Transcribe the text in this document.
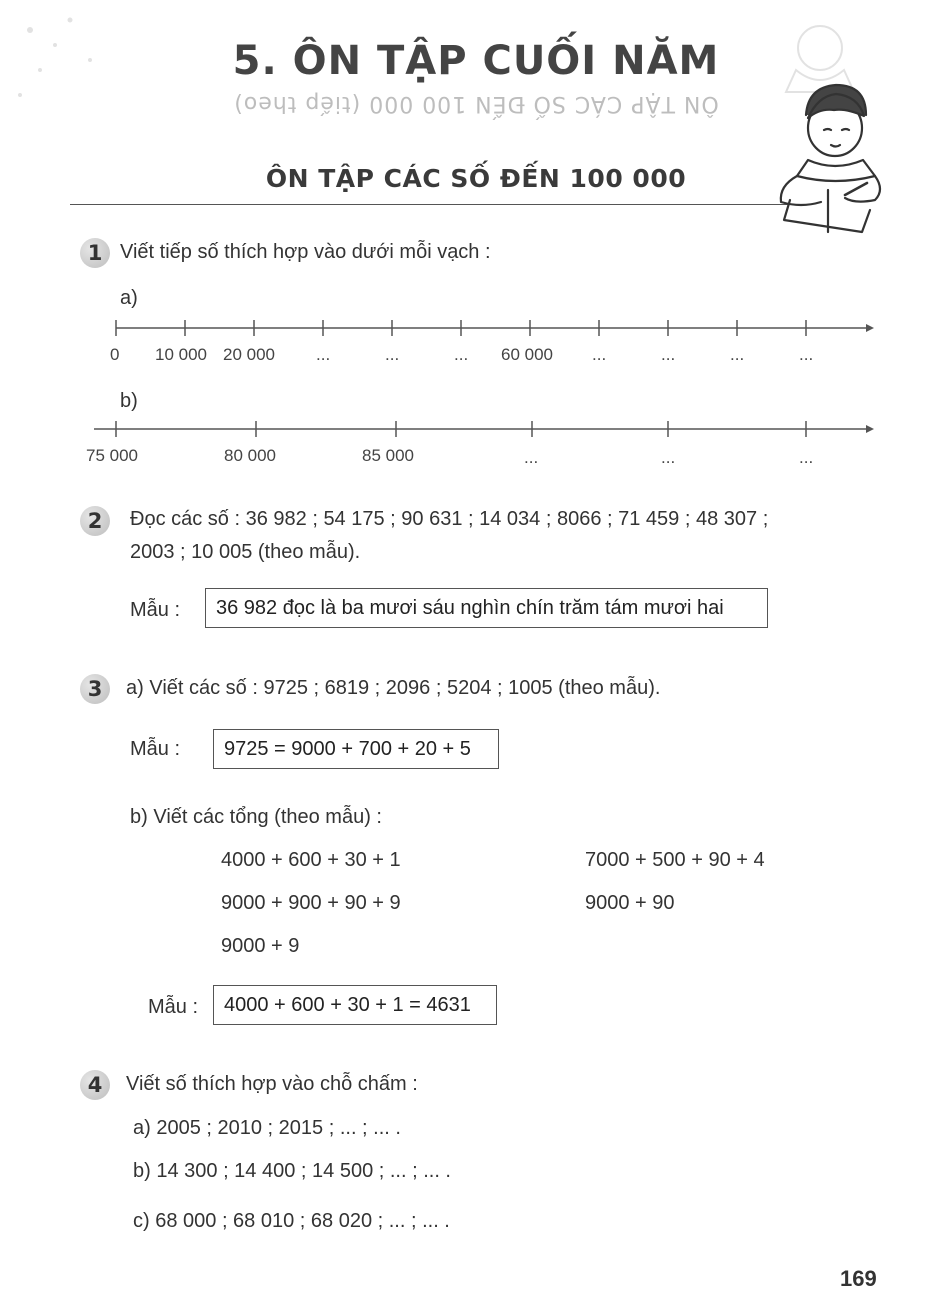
5. ÔN TẬP CUỐI NĂM
ÔN TẬP CÁC SỐ ĐẾN 100 000 (tiếp theo)
ÔN TẬP CÁC SỐ ĐẾN 100 000
1 Viết tiếp số thích hợp vào dưới mỗi vạch :
a)
0 10 000 20 000 ...	...	... 60 000 ...	...	...	...
b)
75 000	80 000	85 000	...	...	...
2	Đọc các số : 36 982 ; 54 175 ; 90 631 ; 14 034 ; 8066 ; 71 459 ; 48 307 ;
2003 ; 10 005 (theo mẫu).
Mẫu :	36 982 đọc là ba mươi sáu nghìn chín trăm tám mươi hai
3	a) Viết các số : 9725 ; 6819 ; 2096 ; 5204 ; 1005 (theo mẫu).
Mẫu :	9725 = 9000 + 700 + 20 + 5
b) Viết các tổng (theo mẫu) :
4000 + 600 + 30 + 1
9000 + 900 + 90 + 9
9000 + 9
7000 + 500 + 90 + 4
9000 + 90
Mẫu :	4000 + 600 + 30 + 1 = 4631
4	Viết số thích hợp vào chỗ chấm :
a) 2005 ; 2010 ; 2015 ; ... ; ... .
b) 14 300 ; 14 400 ; 14 500 ; ... ; ... .
c) 68 000 ; 68 010 ; 68 020 ; ... ; ... .
169
